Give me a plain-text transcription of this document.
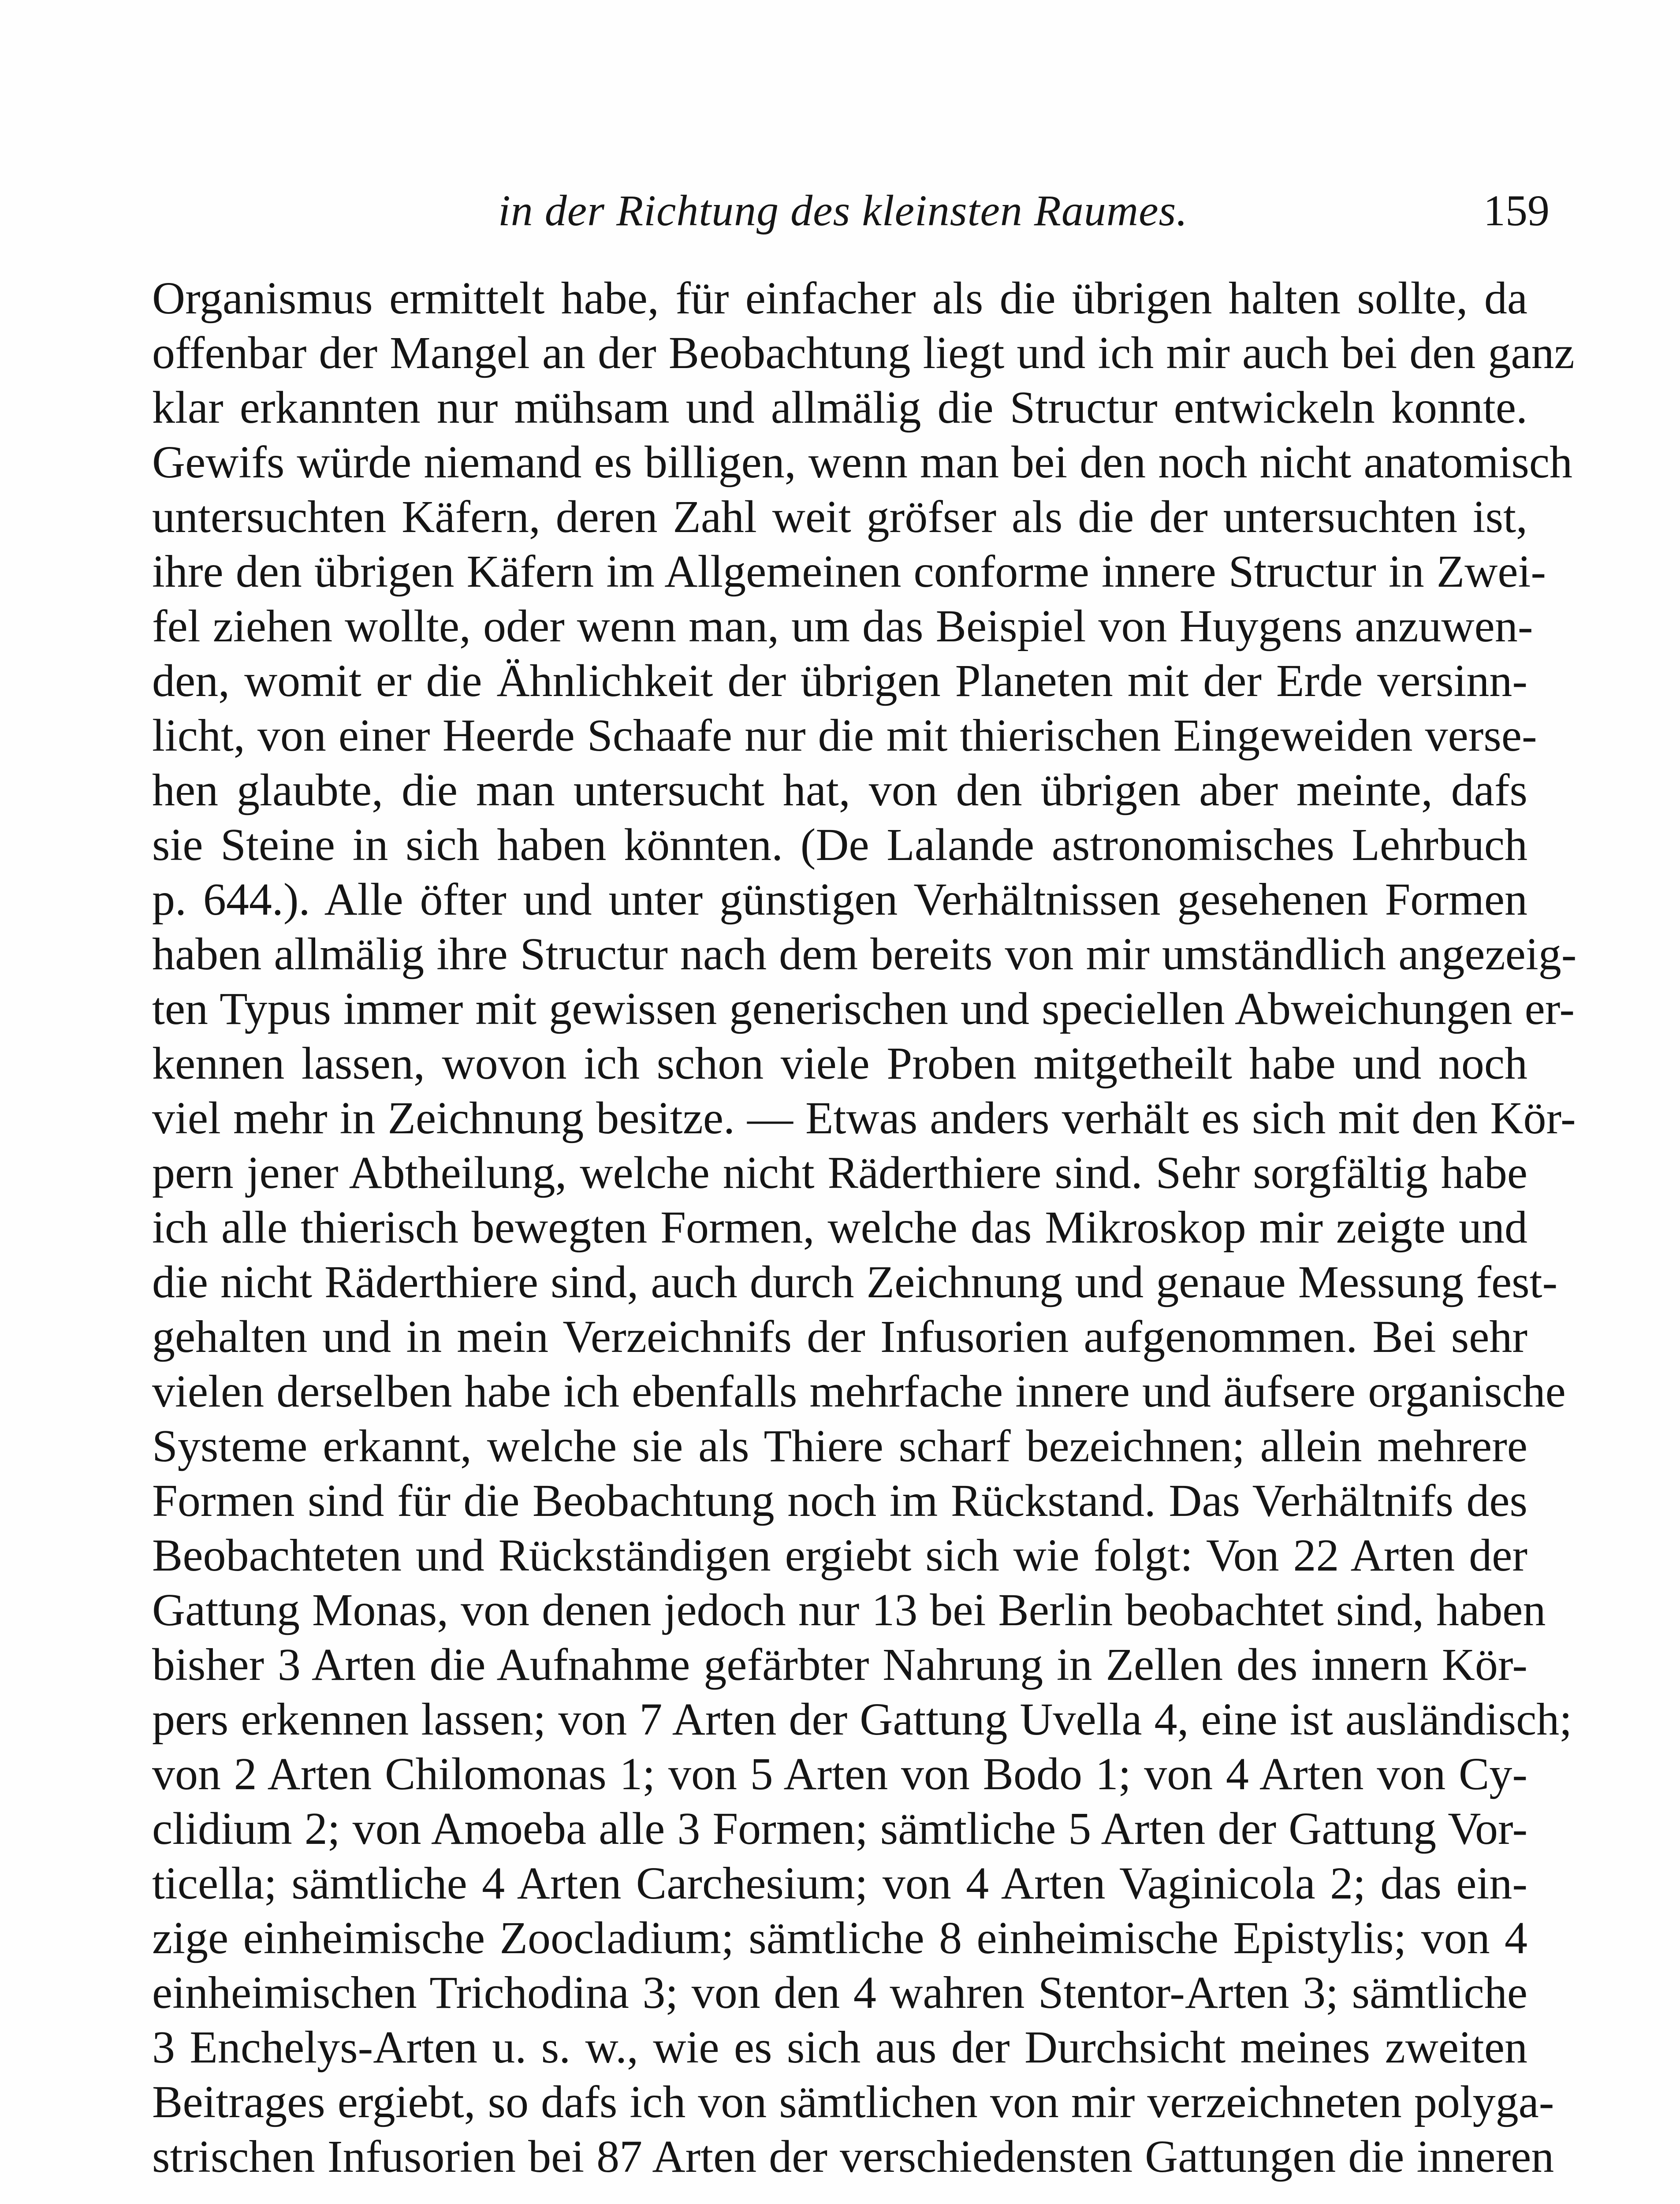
in der Richtung des kleinsten Raumes.	159
Organismus ermittelt habe, für einfacher als die übrigen halten sollte, da
offenbar der Mangel an der Beobachtung liegt und ich mir auch bei den ganz
klar erkannten nur mühsam und allmälig die Structur entwickeln konnte.
Gewifs würde niemand es billigen, wenn man bei den noch nicht anatomisch
untersuchten Käfern, deren Zahl weit gröfser als die der untersuchten ist,
ihre den übrigen Käfern im Allgemeinen conforme innere Structur in Zwei-
fel ziehen wollte, oder wenn man, um das Beispiel von Huygens anzuwen-
den, womit er die Ähnlichkeit der übrigen Planeten mit der Erde versinn-
licht, von einer Heerde Schaafe nur die mit thierischen Eingeweiden verse-
hen glaubte, die man untersucht hat, von den übrigen aber meinte, dafs
sie Steine in sich haben könnten. (De Lalande astronomisches Lehrbuch
p. 644.). Alle öfter und unter günstigen Verhältnissen gesehenen Formen
haben allmälig ihre Structur nach dem bereits von mir umständlich angezeig-
ten Typus immer mit gewissen generischen und speciellen Abweichungen er-
kennen lassen, wovon ich schon viele Proben mitgetheilt habe und noch
viel mehr in Zeichnung besitze. — Etwas anders verhält es sich mit den Kör-
pern jener Abtheilung, welche nicht Räderthiere sind. Sehr sorgfältig habe
ich alle thierisch bewegten Formen, welche das Mikroskop mir zeigte und
die nicht Räderthiere sind, auch durch Zeichnung und genaue Messung fest-
gehalten und in mein Verzeichnifs der Infusorien aufgenommen. Bei sehr
vielen derselben habe ich ebenfalls mehrfache innere und äufsere organische
Systeme erkannt, welche sie als Thiere scharf bezeichnen; allein mehrere
Formen sind für die Beobachtung noch im Rückstand. Das Verhältnifs des
Beobachteten und Rückständigen ergiebt sich wie folgt: Von 22 Arten der
Gattung Monas, von denen jedoch nur 13 bei Berlin beobachtet sind, haben
bisher 3 Arten die Aufnahme gefärbter Nahrung in Zellen des innern Kör-
pers erkennen lassen; von 7 Arten der Gattung Uvella 4, eine ist ausländisch;
von 2 Arten Chilomonas 1; von 5 Arten von Bodo 1; von 4 Arten von Cy-
clidium 2; von Amoeba alle 3 Formen; sämtliche 5 Arten der Gattung Vor-
ticella; sämtliche 4 Arten Carchesium; von 4 Arten Vaginicola 2; das ein-
zige einheimische Zoocladium; sämtliche 8 einheimische Epistylis; von 4
einheimischen Trichodina 3; von den 4 wahren Stentor-Arten 3; sämtliche
3 Enchelys-Arten u. s. w., wie es sich aus der Durchsicht meines zweiten
Beitrages ergiebt, so dafs ich von sämtlichen von mir verzeichneten polyga-
strischen Infusorien bei 87 Arten der verschiedensten Gattungen die inneren
